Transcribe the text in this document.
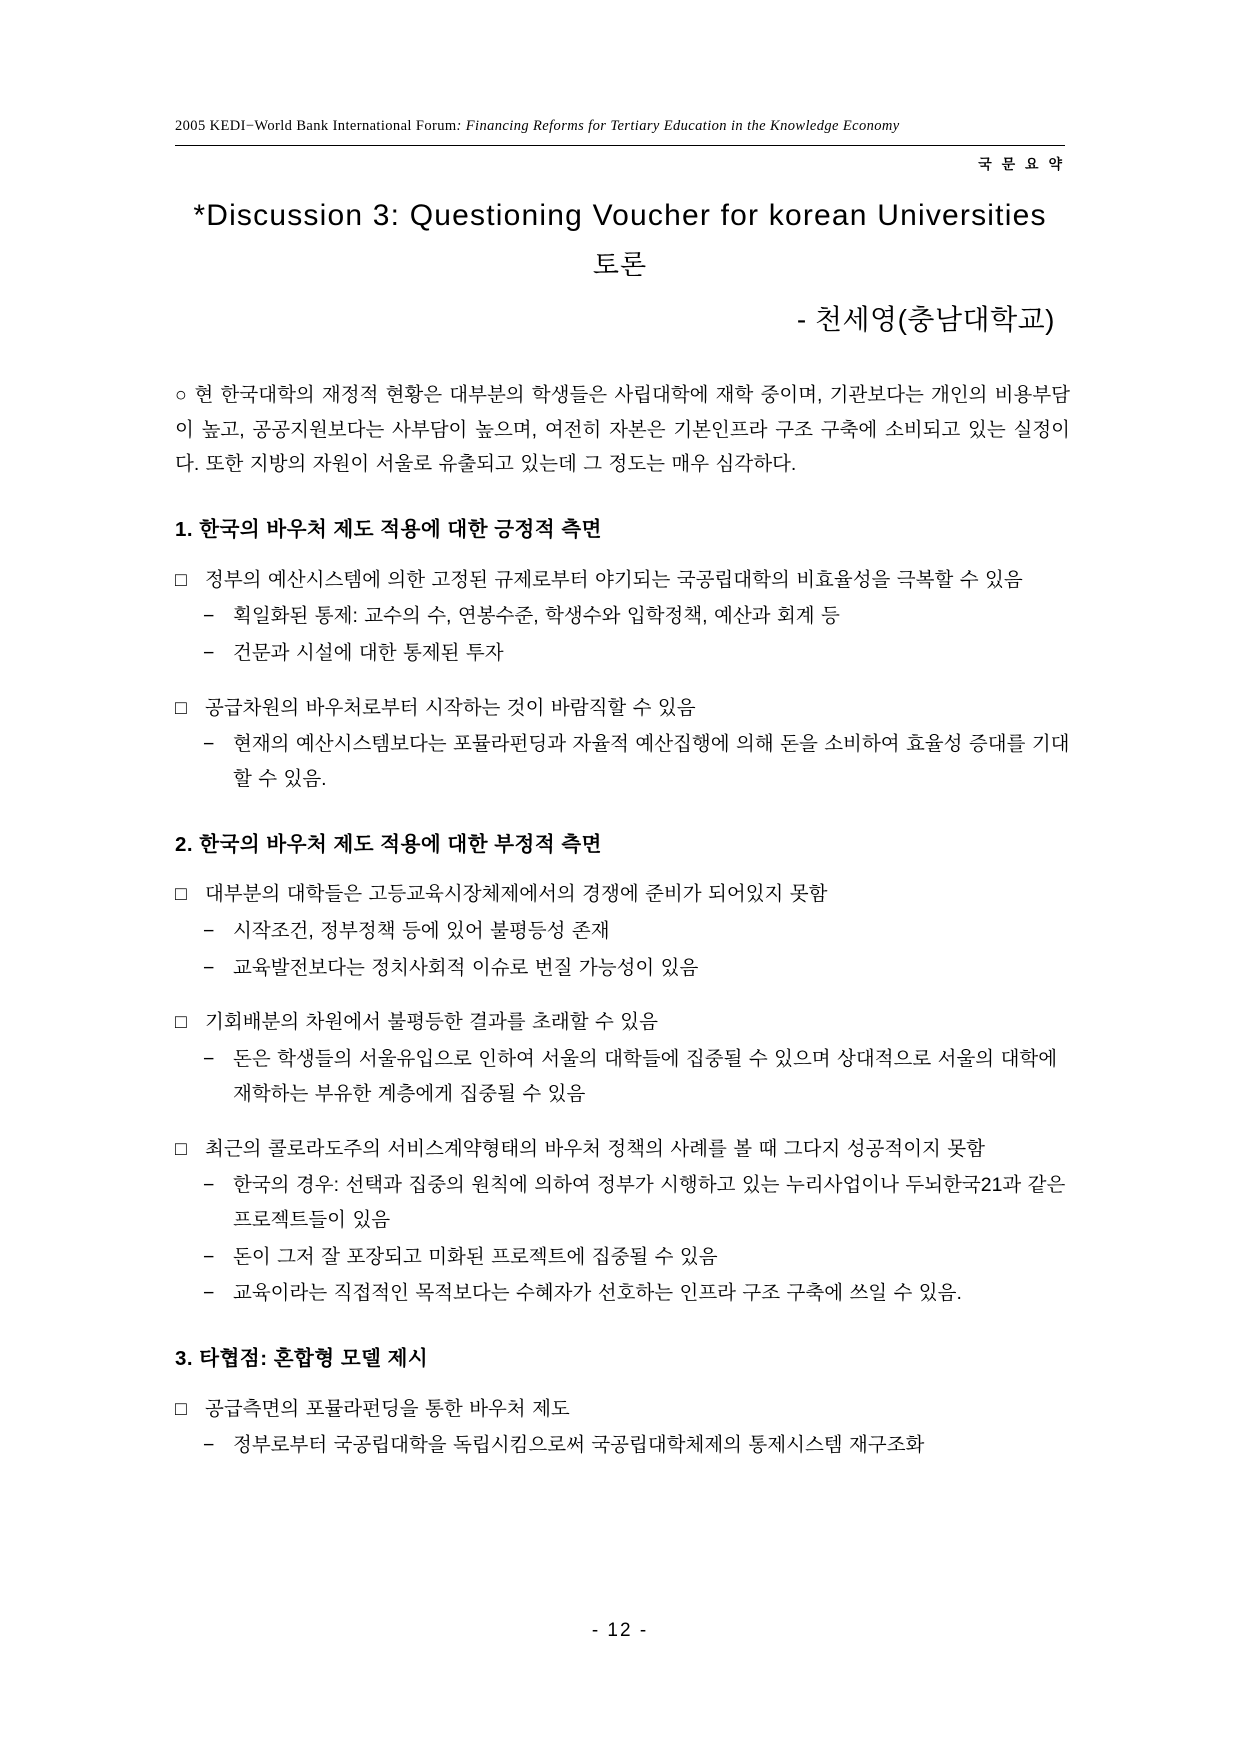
2005 KEDI−World Bank International Forum: Financing Reforms for Tertiary Education in the Knowledge Economy
국 문 요 약
*Discussion 3: Questioning Voucher for korean Universities
토론
- 천세영(충남대학교)
○ 현 한국대학의 재정적 현황은 대부분의 학생들은 사립대학에 재학 중이며, 기관보다는 개인의 비용부담이 높고, 공공지원보다는 사부담이 높으며, 여전히 자본은 기본인프라 구조 구축에 소비되고 있는 실정이다. 또한 지방의 자원이 서울로 유출되고 있는데 그 정도는 매우 심각하다.
1. 한국의 바우처 제도 적용에 대한 긍정적 측면
□ 정부의 예산시스템에 의한 고정된 규제로부터 야기되는 국공립대학의 비효율성을 극복할 수 있음
− 획일화된 통제: 교수의 수, 연봉수준, 학생수와 입학정책, 예산과 회계 등
− 건문과 시설에 대한 통제된 투자
□ 공급차원의 바우처로부터 시작하는 것이 바람직할 수 있음
− 현재의 예산시스템보다는 포뮬라펀딩과 자율적 예산집행에 의해 돈을 소비하여 효율성 증대를 기대할 수 있음.
2. 한국의 바우처 제도 적용에 대한 부정적 측면
□ 대부분의 대학들은 고등교육시장체제에서의 경쟁에 준비가 되어있지 못함
− 시작조건, 정부정책 등에 있어 불평등성 존재
− 교육발전보다는 정치사회적 이슈로 번질 가능성이 있음
□ 기회배분의 차원에서 불평등한 결과를 초래할 수 있음
− 돈은 학생들의 서울유입으로 인하여 서울의 대학들에 집중될 수 있으며 상대적으로 서울의 대학에 재학하는 부유한 계층에게 집중될 수 있음
□ 최근의 콜로라도주의 서비스계약형태의 바우처 정책의 사례를 볼 때 그다지 성공적이지 못함
− 한국의 경우: 선택과 집중의 원칙에 의하여 정부가 시행하고 있는 누리사업이나 두뇌한국21과 같은 프로젝트들이 있음
− 돈이 그저 잘 포장되고 미화된 프로젝트에 집중될 수 있음
− 교육이라는 직접적인 목적보다는 수혜자가 선호하는 인프라 구조 구축에 쓰일 수 있음.
3. 타협점: 혼합형 모델 제시
□ 공급측면의 포뮬라펀딩을 통한 바우처 제도
− 정부로부터 국공립대학을 독립시킴으로써 국공립대학체제의 통제시스템 재구조화
- 12 -
